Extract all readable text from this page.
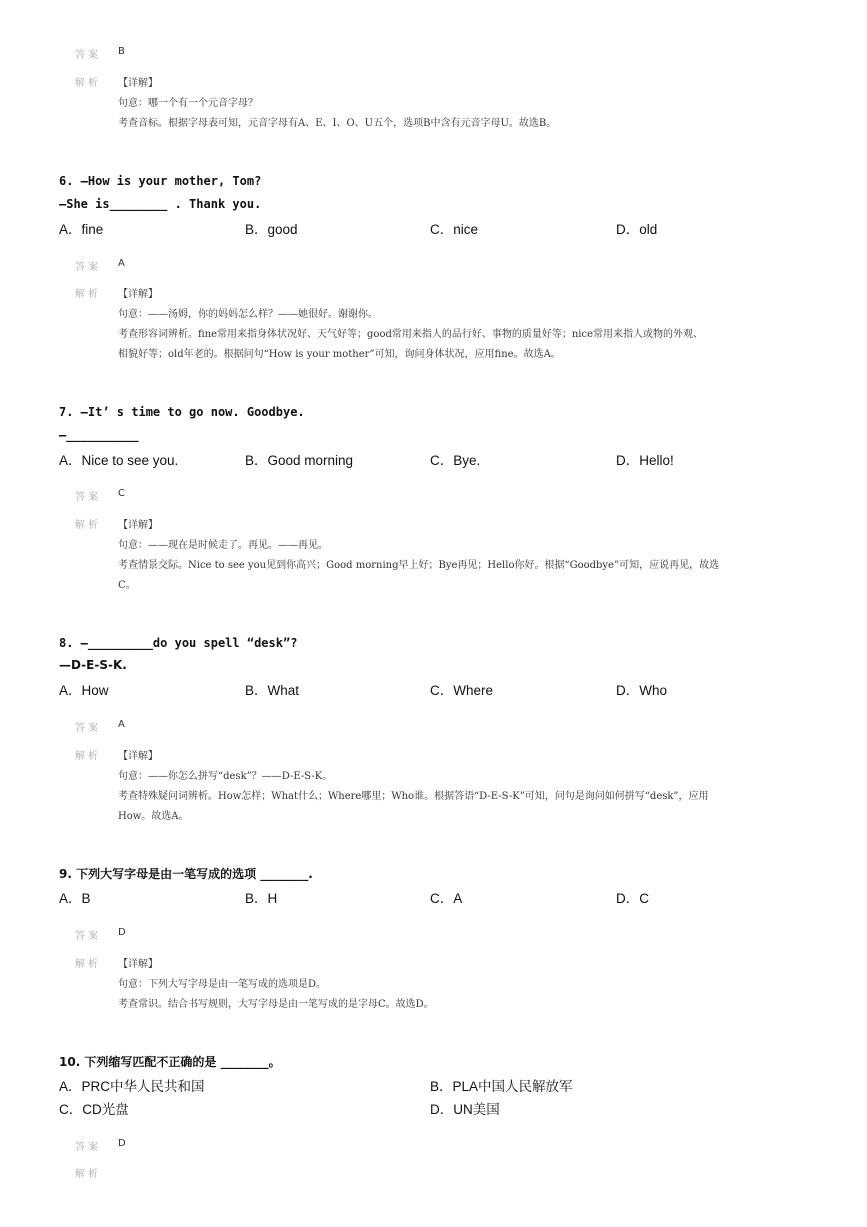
答案 B
解析 【详解】
句意：哪一个有一个元音字母？
考查音标。根据字母表可知，元音字母有A、E、I、O、U五个，选项B中含有元音字母U。故选B。
6. —How is your mother, Tom?
—She is________ . Thank you.
A．fine	B．good	C．nice	D．old
答案 A
解析 【详解】
句意：——汤姆，你的妈妈怎么样？——她很好。谢谢你。
考查形容词辨析。fine常用来指身体状况好、天气好等；good常用来指人的品行好、事物的质量好等；nice常用来指人或物的外观、
相貌好等；old年老的。根据问句“How is your mother”可知，询问身体状况，应用fine。故选A。
7. —It’ s time to go now. Goodbye.
—__________
A．Nice to see you.	B．Good morning	C．Bye.	D．Hello!
答案 C
解析 【详解】
句意：——现在是时候走了。再见。——再见。
考查情景交际。Nice to see you见到你高兴；Good morning早上好；Bye再见；Hello你好。根据“Goodbye”可知，应说再见，故选
C。
8. —_________do you spell “desk”?
—D-E-S-K.
A．How	B．What	C．Where	D．Who
答案 A
解析 【详解】
句意：——你怎么拼写“desk”？——D-E-S-K。
考查特殊疑问词辨析。How怎样；What什么；Where哪里；Who谁。根据答语“D-E-S-K”可知，问句是询问如何拼写“desk”，应用
How。故选A。
9. 下列大写字母是由一笔写成的选项 ________.
A．B	B．H	C．A	D．C
答案 D
解析 【详解】
句意：下列大写字母是由一笔写成的选项是D。
考查常识。结合书写规则，大写字母是由一笔写成的是字母C。故选D。
10. 下列缩写匹配不正确的是 ________。
A．PRC中华人民共和国	B．PLA中国人民解放军
C．CD光盘	D．UN美国
答案 D
解析
